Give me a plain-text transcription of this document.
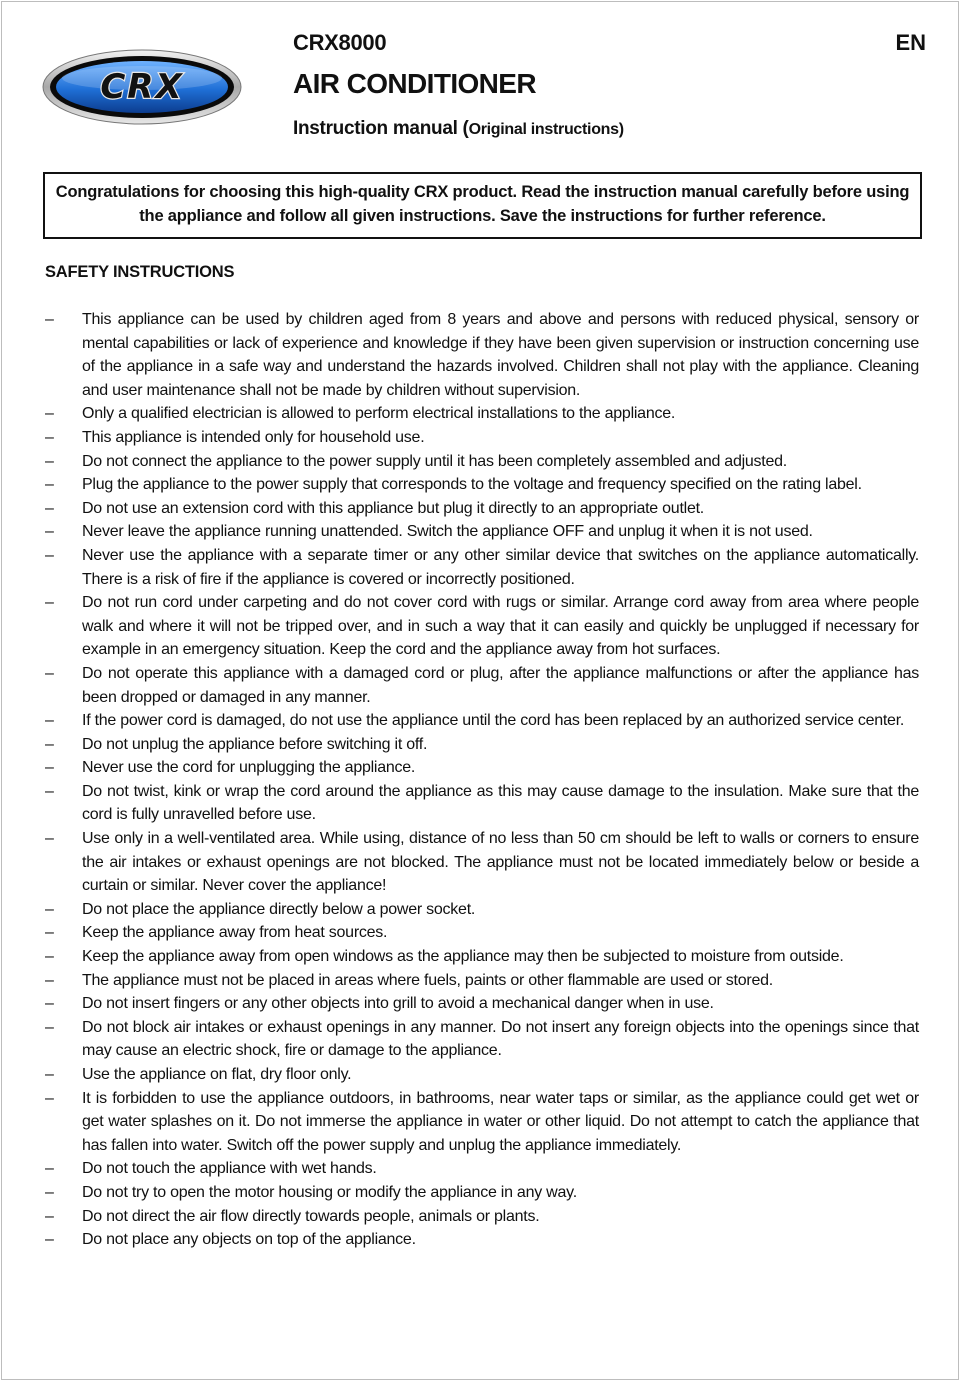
CRX
CRX8000	EN
AIR CONDITIONER
Instruction manual (Original instructions)
Congratulations for choosing this high-quality CRX product. Read the instruction manual carefully before using the appliance and follow all given instructions. Save the instructions for further reference.
SAFETY INSTRUCTIONS
– This appliance can be used by children aged from 8 years and above and persons with reduced physical, sensory or mental capabilities or lack of experience and knowledge if they have been given supervision or instruction concerning use of the appliance in a safe way and understand the hazards involved. Children shall not play with the appliance. Cleaning and user maintenance shall not be made by children without supervision.
– Only a qualified electrician is allowed to perform electrical installations to the appliance.
– This appliance is intended only for household use.
– Do not connect the appliance to the power supply until it has been completely assembled and adjusted.
– Plug the appliance to the power supply that corresponds to the voltage and frequency specified on the rating label.
– Do not use an extension cord with this appliance but plug it directly to an appropriate outlet.
– Never leave the appliance running unattended. Switch the appliance OFF and unplug it when it is not used.
– Never use the appliance with a separate timer or any other similar device that switches on the appliance automatically. There is a risk of fire if the appliance is covered or incorrectly positioned.
– Do not run cord under carpeting and do not cover cord with rugs or similar. Arrange cord away from area where people walk and where it will not be tripped over, and in such a way that it can easily and quickly be unplugged if necessary for example in an emergency situation. Keep the cord and the appliance away from hot surfaces.
– Do not operate this appliance with a damaged cord or plug, after the appliance malfunctions or after the appliance has been dropped or damaged in any manner.
– If the power cord is damaged, do not use the appliance until the cord has been replaced by an authorized service center.
– Do not unplug the appliance before switching it off.
– Never use the cord for unplugging the appliance.
– Do not twist, kink or wrap the cord around the appliance as this may cause damage to the insulation. Make sure that the cord is fully unravelled before use.
– Use only in a well-ventilated area. While using, distance of no less than 50 cm should be left to walls or corners to ensure the air intakes or exhaust openings are not blocked. The appliance must not be located immediately below or beside a curtain or similar. Never cover the appliance!
– Do not place the appliance directly below a power socket.
– Keep the appliance away from heat sources.
– Keep the appliance away from open windows as the appliance may then be subjected to moisture from outside.
– The appliance must not be placed in areas where fuels, paints or other flammable are used or stored.
– Do not insert fingers or any other objects into grill to avoid a mechanical danger when in use.
– Do not block air intakes or exhaust openings in any manner. Do not insert any foreign objects into the openings since that may cause an electric shock, fire or damage to the appliance.
– Use the appliance on flat, dry floor only.
– It is forbidden to use the appliance outdoors, in bathrooms, near water taps or similar, as the appliance could get wet or get water splashes on it. Do not immerse the appliance in water or other liquid. Do not attempt to catch the appliance that has fallen into water. Switch off the power supply and unplug the appliance immediately.
– Do not touch the appliance with wet hands.
– Do not try to open the motor housing or modify the appliance in any way.
– Do not direct the air flow directly towards people, animals or plants.
– Do not place any objects on top of the appliance.
